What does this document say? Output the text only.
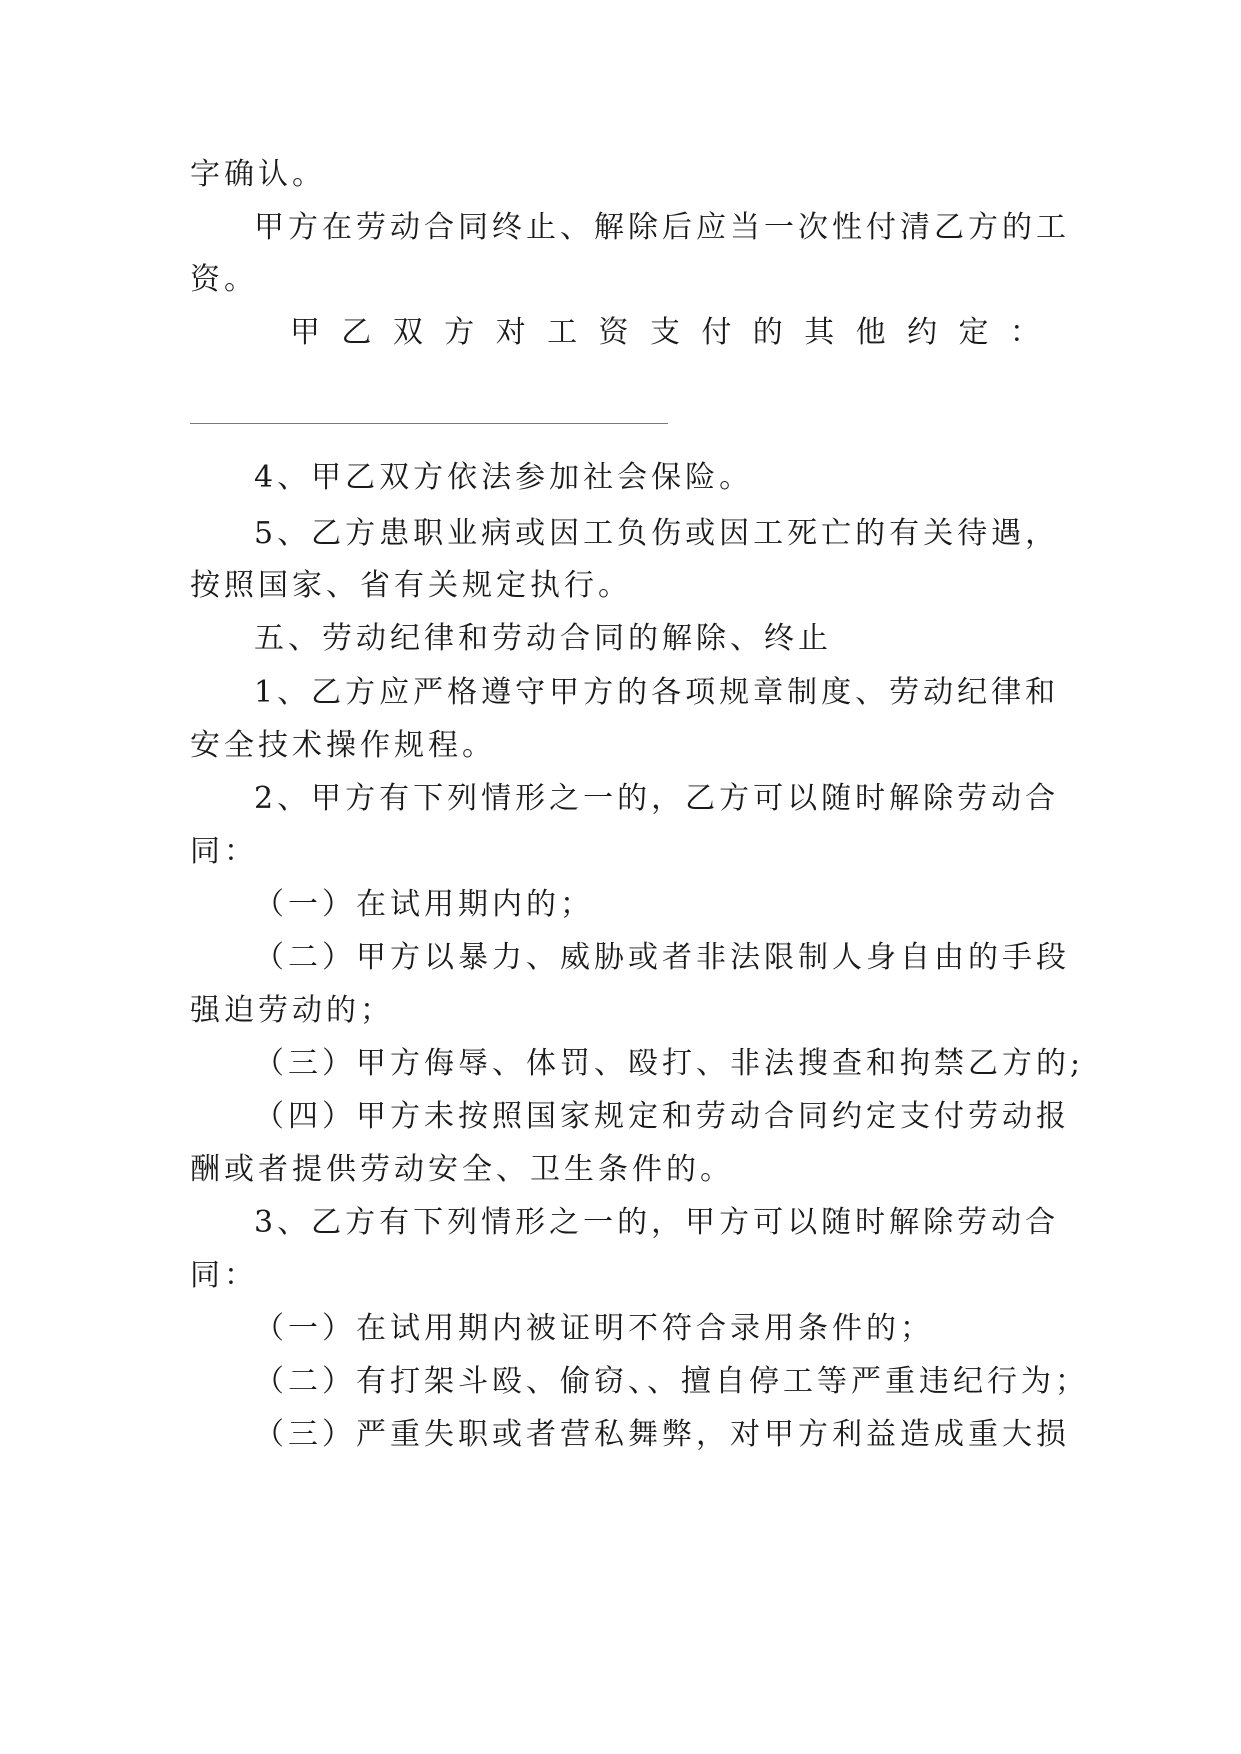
字确认。
甲方在劳动合同终止、解除后应当一次性付清乙方的工
资。
甲 乙 双 方 对 工 资 支 付 的 其 他 约 定 ：
4、甲乙双方依法参加社会保险。
5、乙方患职业病或因工负伤或因工死亡的有关待遇，
按照国家、省有关规定执行。
五、劳动纪律和劳动合同的解除、终止
1、乙方应严格遵守甲方的各项规章制度、劳动纪律和
安全技术操作规程。
2、甲方有下列情形之一的，乙方可以随时解除劳动合
同：
（一）在试用期内的；
（二）甲方以暴力、威胁或者非法限制人身自由的手段
强迫劳动的；
（三）甲方侮辱、体罚、殴打、非法搜查和拘禁乙方的;
（四）甲方未按照国家规定和劳动合同约定支付劳动报
酬或者提供劳动安全、卫生条件的。
3、乙方有下列情形之一的，甲方可以随时解除劳动合
同：
（一）在试用期内被证明不符合录用条件的；
（二）有打架斗殴、偷窃、、擅自停工等严重违纪行为；
（三）严重失职或者营私舞弊，对甲方利益造成重大损
